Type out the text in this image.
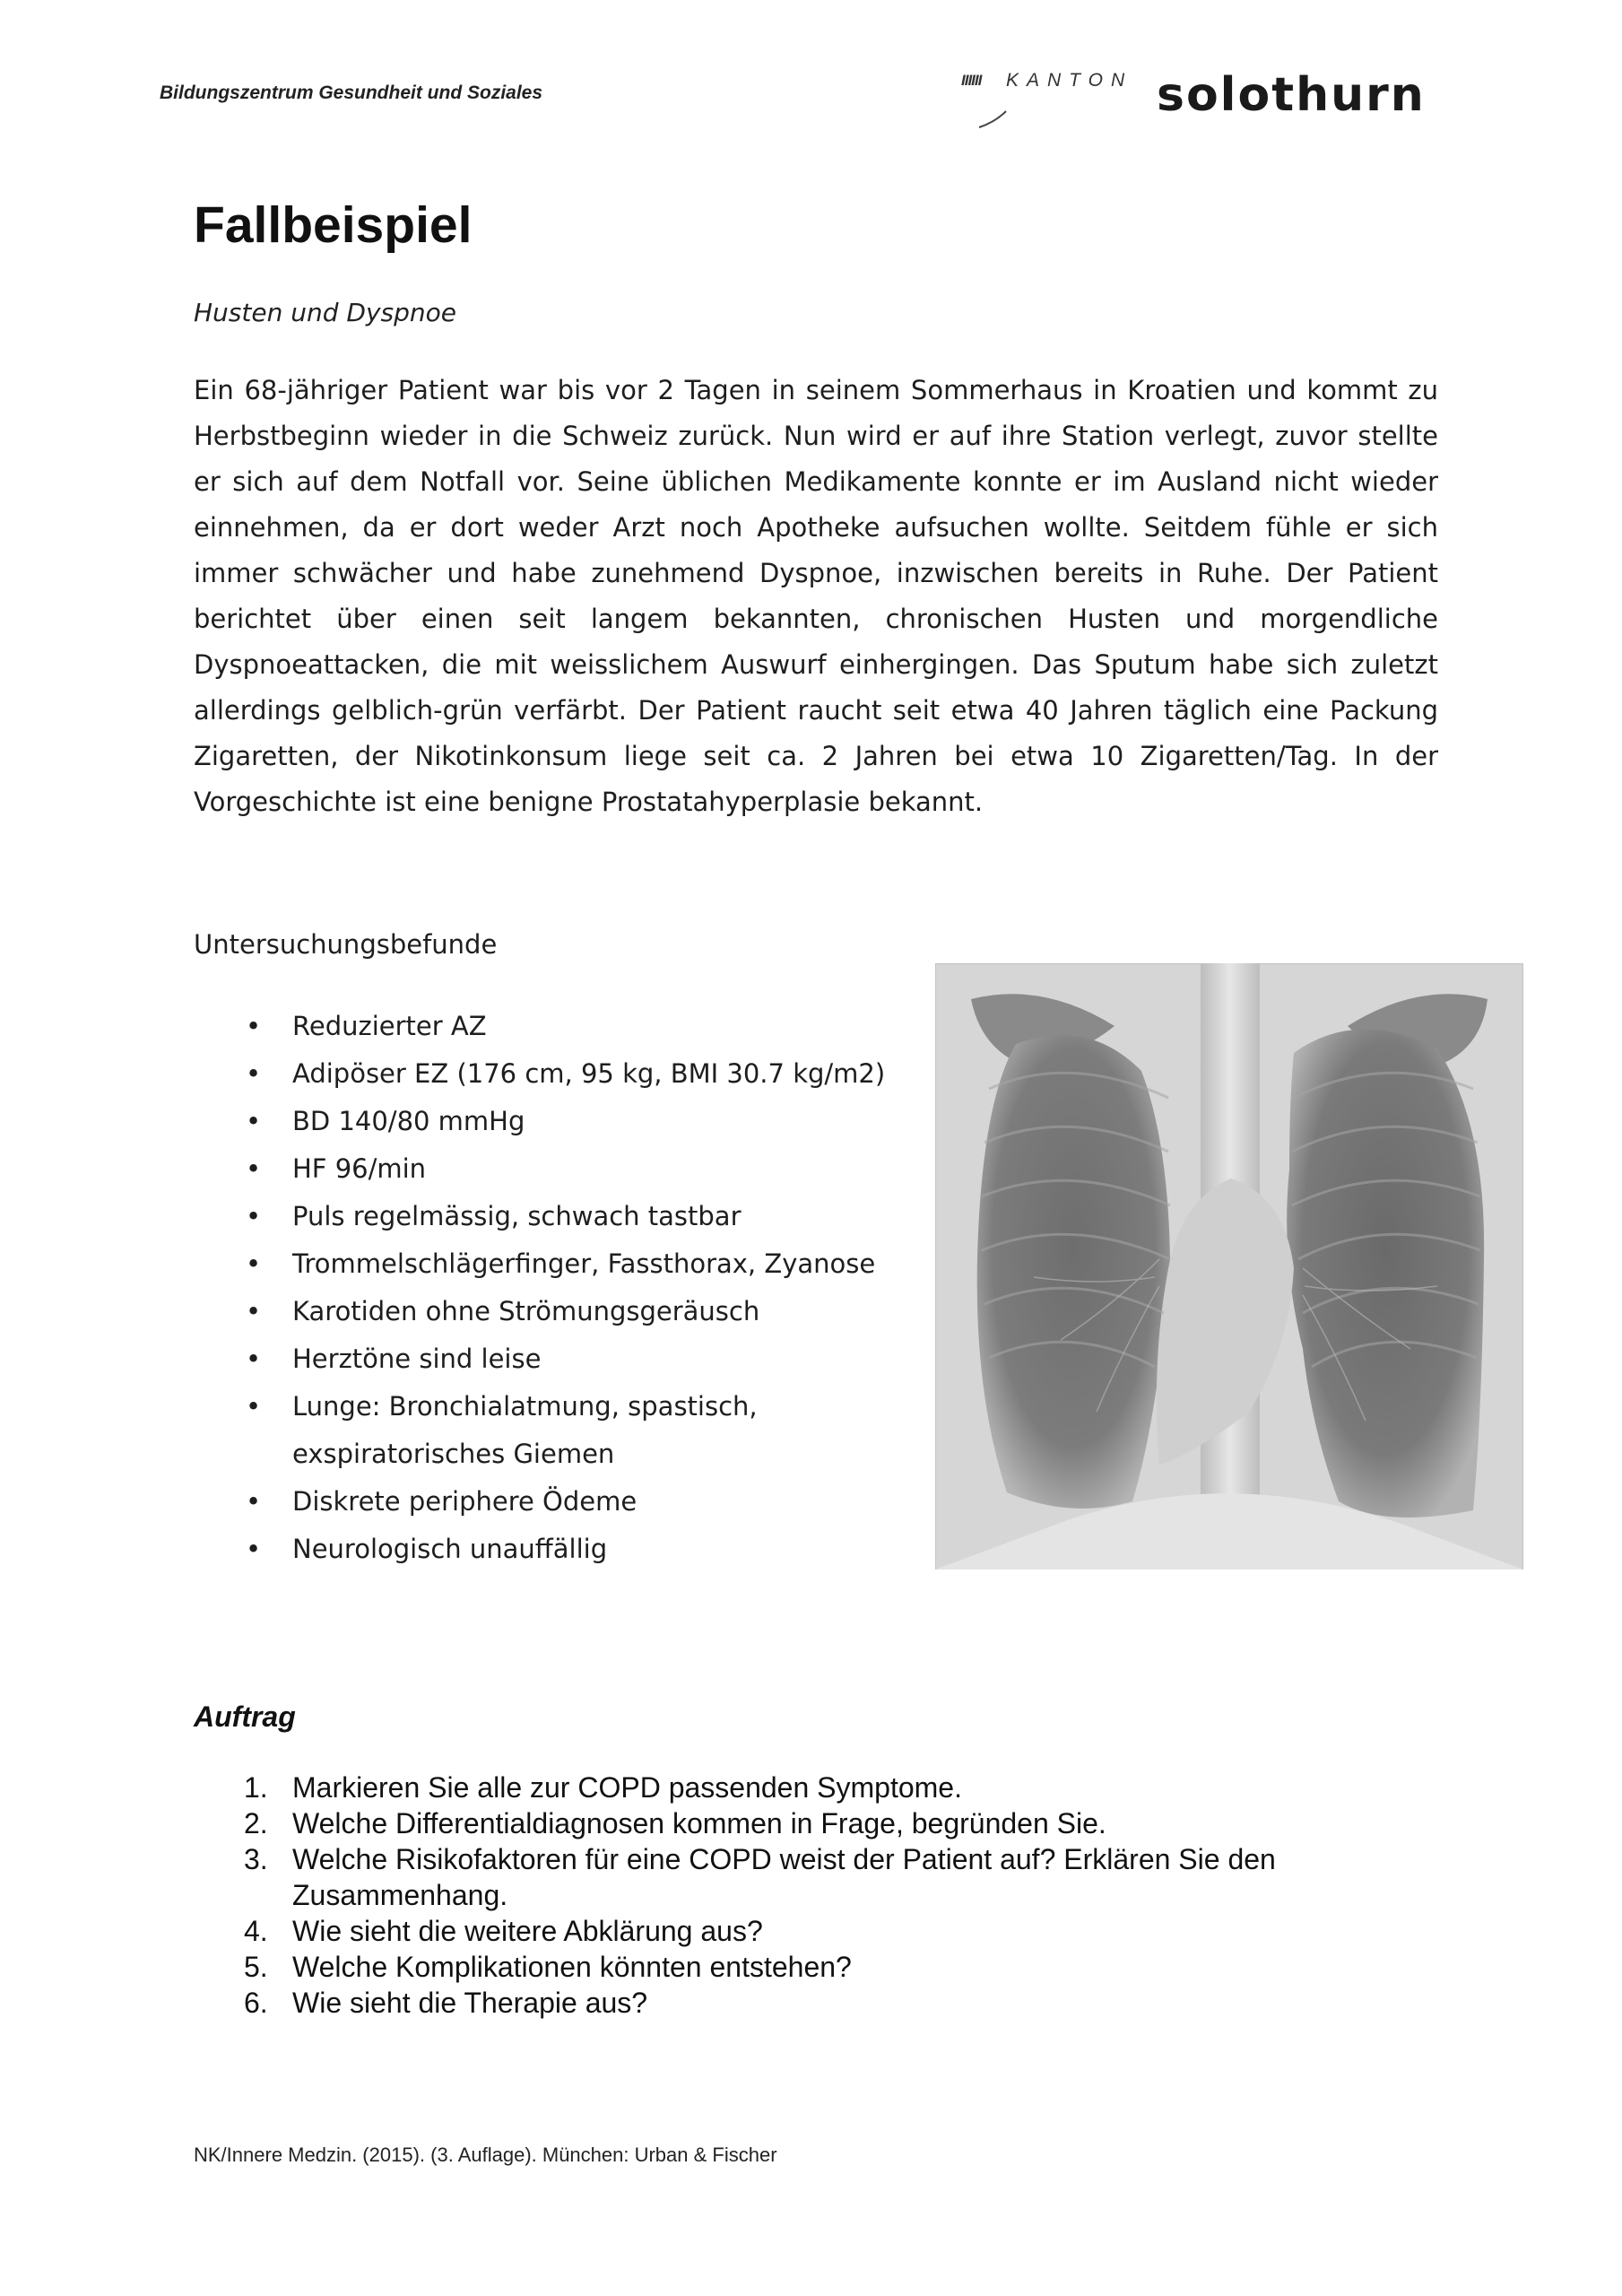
Bildungszentrum Gesundheit und Soziales
IIIIII KANTON solothurn
Fallbeispiel
Husten und Dyspnoe

Ein 68-jähriger Patient war bis vor 2 Tagen in seinem Sommerhaus in Kroatien und kommt zu Herbstbeginn wieder in die Schweiz zurück. Nun wird er auf ihre Station verlegt, zuvor stellte er sich auf dem Notfall vor. Seine üblichen Medikamente konnte er im Ausland nicht wieder einnehmen, da er dort weder Arzt noch Apotheke aufsuchen wollte. Seitdem fühle er sich immer schwächer und habe zunehmend Dyspnoe, inzwischen bereits in Ruhe. Der Patient berichtet über einen seit langem bekannten, chronischen Husten und morgendliche Dyspnoeattacken, die mit weisslichem Auswurf einhergingen. Das Sputum habe sich zuletzt allerdings gelblich-grün verfärbt. Der Patient raucht seit etwa 40 Jahren täglich eine Packung Zigaretten, der Nikotinkonsum liege seit ca. 2 Jahren bei etwa 10 Zigaretten/Tag. In der Vorgeschichte ist eine benigne Prostatahyperplasie bekannt.

Untersuchungsbefunde
• Reduzierter AZ
• Adipöser EZ (176 cm, 95 kg, BMI 30.7 kg/m2)
• BD 140/80 mmHg
• HF 96/min
• Puls regelmässig, schwach tastbar
• Trommelschlägerfinger, Fassthorax, Zyanose
• Karotiden ohne Strömungsgeräusch
• Herztöne sind leise
• Lunge: Bronchialatmung, spastisch, exspiratorisches Giemen
• Diskrete periphere Ödeme
• Neurologisch unauffällig
Auftrag
1. Markieren Sie alle zur COPD passenden Symptome.
2. Welche Differentialdiagnosen kommen in Frage, begründen Sie.
3. Welche Risikofaktoren für eine COPD weist der Patient auf? Erklären Sie den Zusammenhang.
4. Wie sieht die weitere Abklärung aus?
5. Welche Komplikationen könnten entstehen?
6. Wie sieht die Therapie aus?
NK/Innere Medzin. (2015). (3. Auflage). München: Urban & Fischer
